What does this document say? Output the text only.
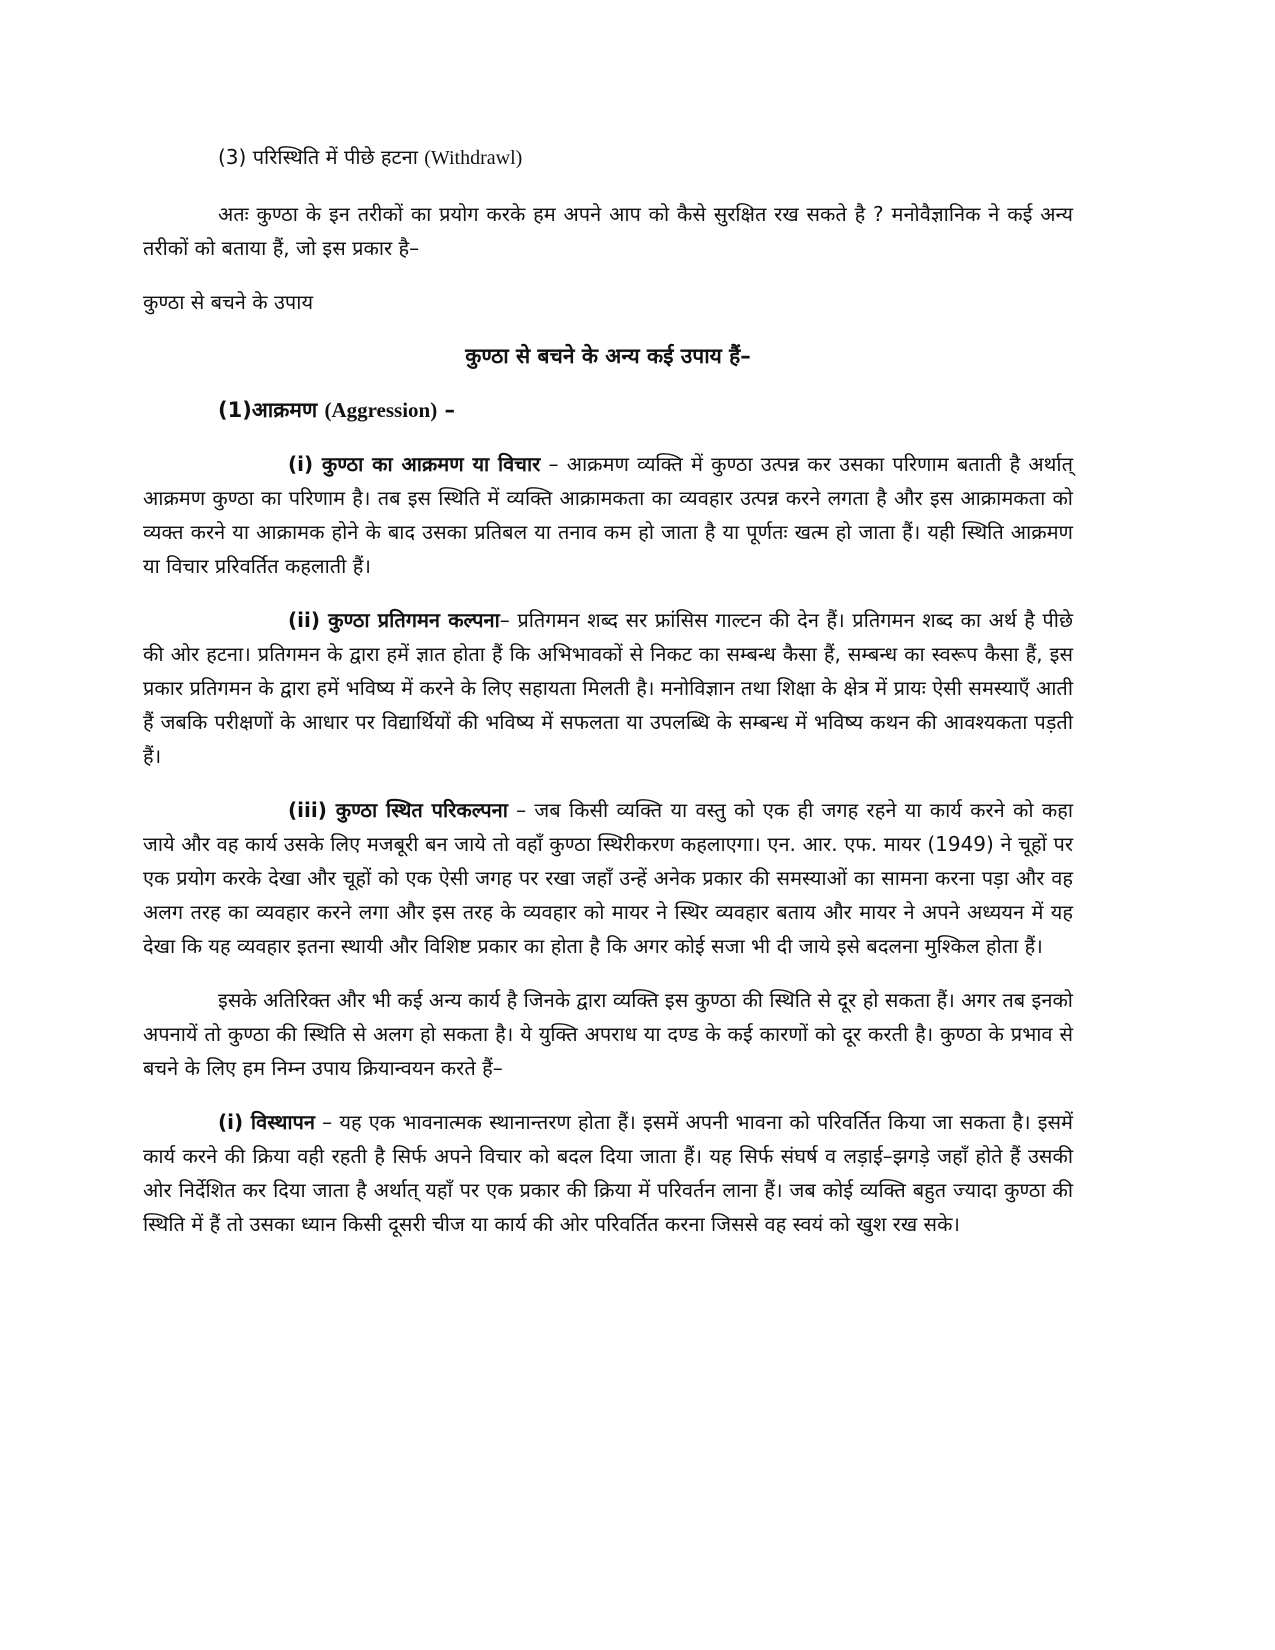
(3) परिस्थिति में पीछे हटना (Withdrawl)

अतः कुण्ठा के इन तरीकों का प्रयोग करके हम अपने आप को कैसे सुरक्षित रख सकते है ? मनोवैज्ञानिक ने कई अन्य तरीकों को बताया हैं, जो इस प्रकार है–

कुण्ठा से बचने के उपाय

कुण्ठा से बचने के अन्य कई उपाय हैं–
(1)आक्रमण (Aggression) –

(i) कुण्ठा का आक्रमण या विचार – आक्रमण व्यक्ति में कुण्ठा उत्पन्न कर उसका परिणाम बताती है अर्थात् आक्रमण कुण्ठा का परिणाम है। तब इस स्थिति में व्यक्ति आक्रामकता का व्यवहार उत्पन्न करने लगता है और इस आक्रामकता को व्यक्त करने या आक्रामक होने के बाद उसका प्रतिबल या तनाव कम हो जाता है या पूर्णतः खत्म हो जाता हैं। यही स्थिति आक्रमण या विचार प्ररिवर्तित कहलाती हैं।

(ii) कुण्ठा प्रतिगमन कल्पना– प्रतिगमन शब्द सर फ्रांसिस गाल्टन की देन हैं। प्रतिगमन शब्द का अर्थ है पीछे की ओर हटना। प्रतिगमन के द्वारा हमें ज्ञात होता हैं कि अभिभावकों से निकट का सम्बन्ध कैसा हैं, सम्बन्ध का स्वरूप कैसा हैं, इस प्रकार प्रतिगमन के द्वारा हमें भविष्य में करने के लिए सहायता मिलती है। मनोविज्ञान तथा शिक्षा के क्षेत्र में प्रायः ऐसी समस्याएँ आती हैं जबकि परीक्षणों के आधार पर विद्यार्थियों की भविष्य में सफलता या उपलब्धि के सम्बन्ध में भविष्य कथन की आवश्यकता पड़ती हैं।

(iii) कुण्ठा स्थित परिकल्पना – जब किसी व्यक्ति या वस्तु को एक ही जगह रहने या कार्य करने को कहा जाये और वह कार्य उसके लिए मजबूरी बन जाये तो वहाँ कुण्ठा स्थिरीकरण कहलाएगा। एन. आर. एफ. मायर (1949) ने चूहों पर एक प्रयोग करके देखा और चूहों को एक ऐसी जगह पर रखा जहाँ उन्हें अनेक प्रकार की समस्याओं का सामना करना पड़ा और वह अलग तरह का व्यवहार करने लगा और इस तरह के व्यवहार को मायर ने स्थिर व्यवहार बताय और मायर ने अपने अध्ययन में यह देखा कि यह व्यवहार इतना स्थायी और विशिष्ट प्रकार का होता है कि अगर कोई सजा भी दी जाये इसे बदलना मुश्किल होता हैं।

इसके अतिरिक्त और भी कई अन्य कार्य है जिनके द्वारा व्यक्ति इस कुण्ठा की स्थिति से दूर हो सकता हैं। अगर तब इनको अपनायें तो कुण्ठा की स्थिति से अलग हो सकता है। ये युक्ति अपराध या दण्ड के कई कारणों को दूर करती है। कुण्ठा के प्रभाव से बचने के लिए हम निम्न उपाय क्रियान्वयन करते हैं–

(i) विस्थापन – यह एक भावनात्मक स्थानान्तरण होता हैं। इसमें अपनी भावना को परिवर्तित किया जा सकता है। इसमें कार्य करने की क्रिया वही रहती है सिर्फ अपने विचार को बदल दिया जाता हैं। यह सिर्फ संघर्ष व लड़ाई–झगड़े जहाँ होते हैं उसकी ओर निर्देशित कर दिया जाता है अर्थात् यहाँ पर एक प्रकार की क्रिया में परिवर्तन लाना हैं। जब कोई व्यक्ति बहुत ज्यादा कुण्ठा की स्थिति में हैं तो उसका ध्यान किसी दूसरी चीज या कार्य की ओर परिवर्तित करना जिससे वह स्वयं को खुश रख सके।
